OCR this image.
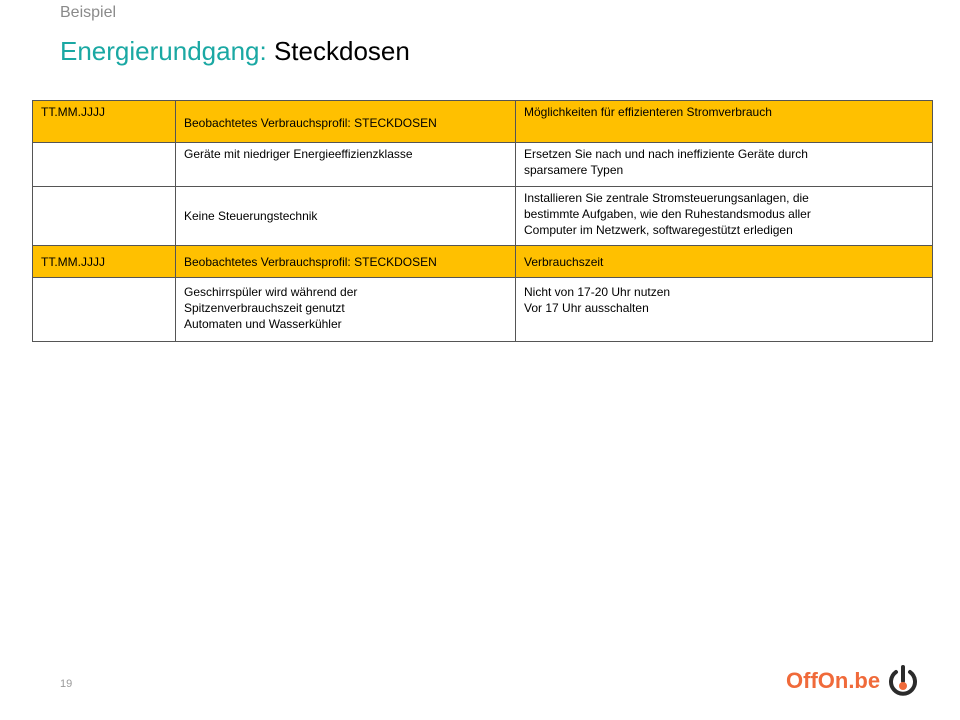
Beispiel
Energierundgang: Steckdosen
TT.MM.JJJJ	Beobachtetes Verbrauchsprofil: STECKDOSEN	Möglichkeiten für effizienteren Stromverbrauch
	Geräte mit niedriger Energieeffizienzklasse	Ersetzen Sie nach und nach ineffiziente Geräte durch
sparsamere Typen

	Keine Steuerungstechnik	Installieren Sie zentrale Stromsteuerungsanlagen, die
bestimmte Aufgaben, wie den Ruhestandsmodus aller
Computer im Netzwerk, softwaregestützt erledigen

TT.MM.JJJJ	Beobachtetes Verbrauchsprofil: STECKDOSEN	Verbrauchszeit

	Geschirrspüler wird während der
Spitzenverbrauchszeit genutzt
Automaten und Wasserkühler	Nicht von 17-20 Uhr nutzen
Vor 17 Uhr ausschalten
19	OffOn.be
